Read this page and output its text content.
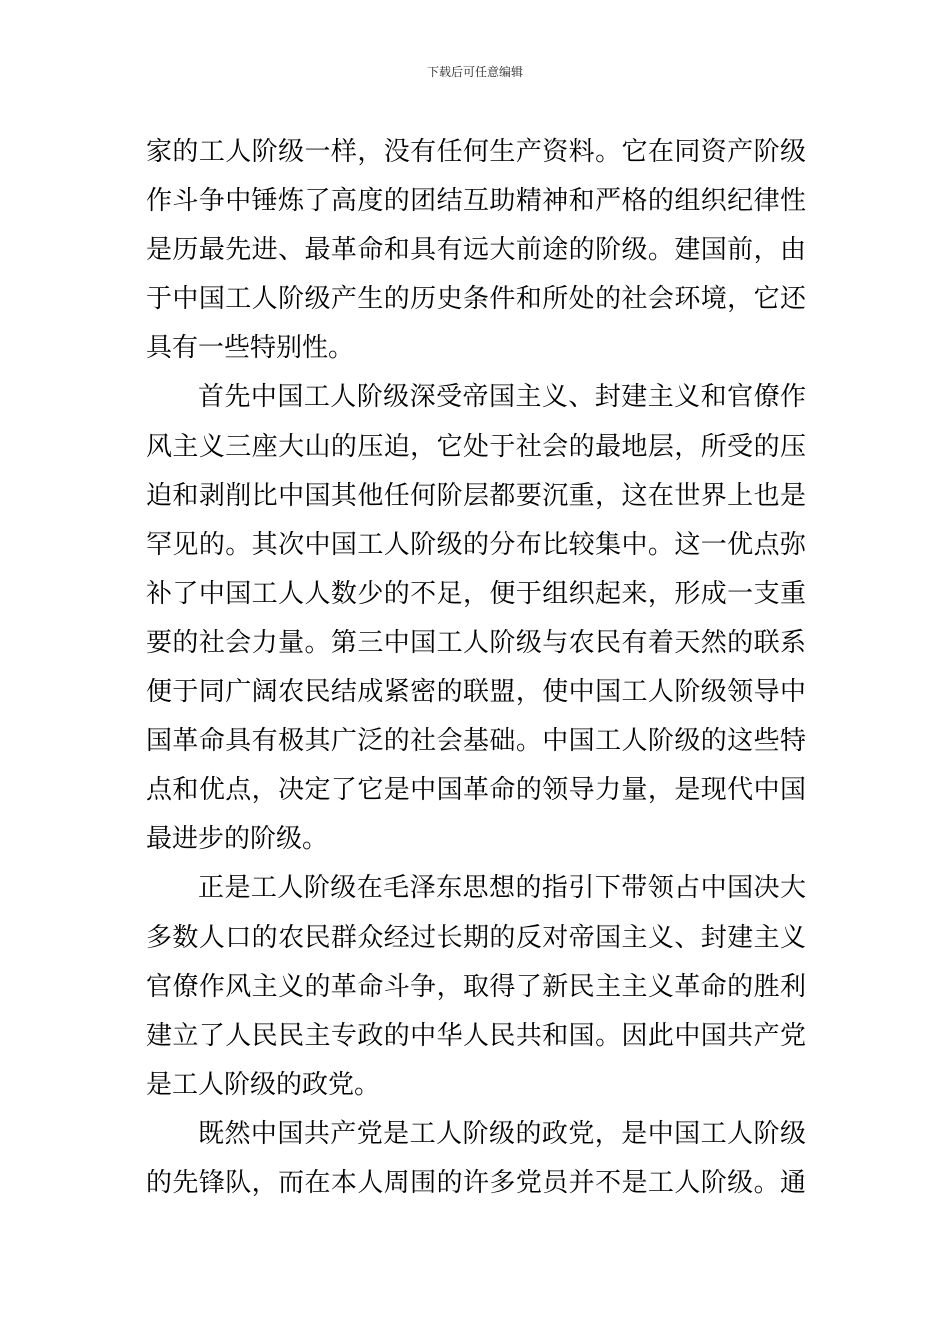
下载后可任意编辑
家的工人阶级一样，没有任何生产资料。它在同资产阶级
作斗争中锤炼了高度的团结互助精神和严格的组织纪律性
是历最先进、最革命和具有远大前途的阶级。建国前，由
于中国工人阶级产生的历史条件和所处的社会环境，它还
具有一些特别性。
首先中国工人阶级深受帝国主义、封建主义和官僚作
风主义三座大山的压迫，它处于社会的最地层，所受的压
迫和剥削比中国其他任何阶层都要沉重，这在世界上也是
罕见的。其次中国工人阶级的分布比较集中。这一优点弥
补了中国工人人数少的不足，便于组织起来，形成一支重
要的社会力量。第三中国工人阶级与农民有着天然的联系
便于同广阔农民结成紧密的联盟，使中国工人阶级领导中
国革命具有极其广泛的社会基础。中国工人阶级的这些特
点和优点，决定了它是中国革命的领导力量，是现代中国
最进步的阶级。
正是工人阶级在毛泽东思想的指引下带领占中国决大
多数人口的农民群众经过长期的反对帝国主义、封建主义
官僚作风主义的革命斗争，取得了新民主主义革命的胜利
建立了人民民主专政的中华人民共和国。因此中国共产党
是工人阶级的政党。
既然中国共产党是工人阶级的政党，是中国工人阶级
的先锋队，而在本人周围的许多党员并不是工人阶级。通
